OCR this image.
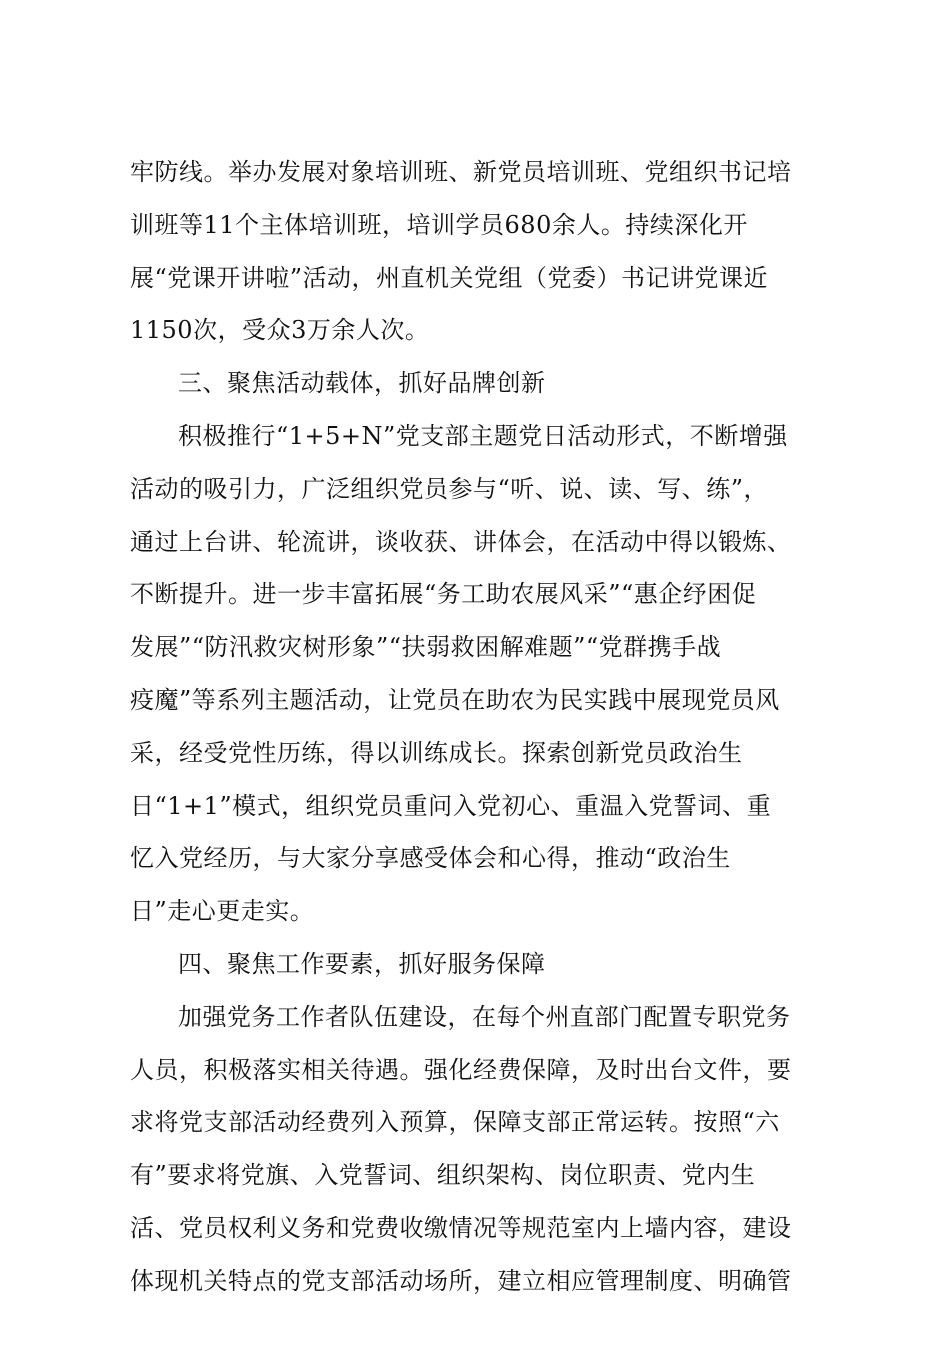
牢防线。举办发展对象培训班、新党员培训班、党组织书记培
训班等11个主体培训班，培训学员680余人。持续深化开
展“党课开讲啦”活动，州直机关党组（党委）书记讲党课近
1150次，受众3万余人次。
三、聚焦活动载体，抓好品牌创新
积极推行“1+5+N”党支部主题党日活动形式，不断增强
活动的吸引力，广泛组织党员参与“听、说、读、写、练”，
通过上台讲、轮流讲，谈收获、讲体会，在活动中得以锻炼、
不断提升。进一步丰富拓展“务工助农展风采”“惠企纾困促
发展”“防汛救灾树形象”“扶弱救困解难题”“党群携手战
疫魔”等系列主题活动，让党员在助农为民实践中展现党员风
采，经受党性历练，得以训练成长。探索创新党员政治生
日“1+1”模式，组织党员重问入党初心、重温入党誓词、重
忆入党经历，与大家分享感受体会和心得，推动“政治生
日”走心更走实。
四、聚焦工作要素，抓好服务保障
加强党务工作者队伍建设，在每个州直部门配置专职党务
人员，积极落实相关待遇。强化经费保障，及时出台文件，要
求将党支部活动经费列入预算，保障支部正常运转。按照“六
有”要求将党旗、入党誓词、组织架构、岗位职责、党内生
活、党员权利义务和党费收缴情况等规范室内上墙内容，建设
体现机关特点的党支部活动场所，建立相应管理制度、明确管
